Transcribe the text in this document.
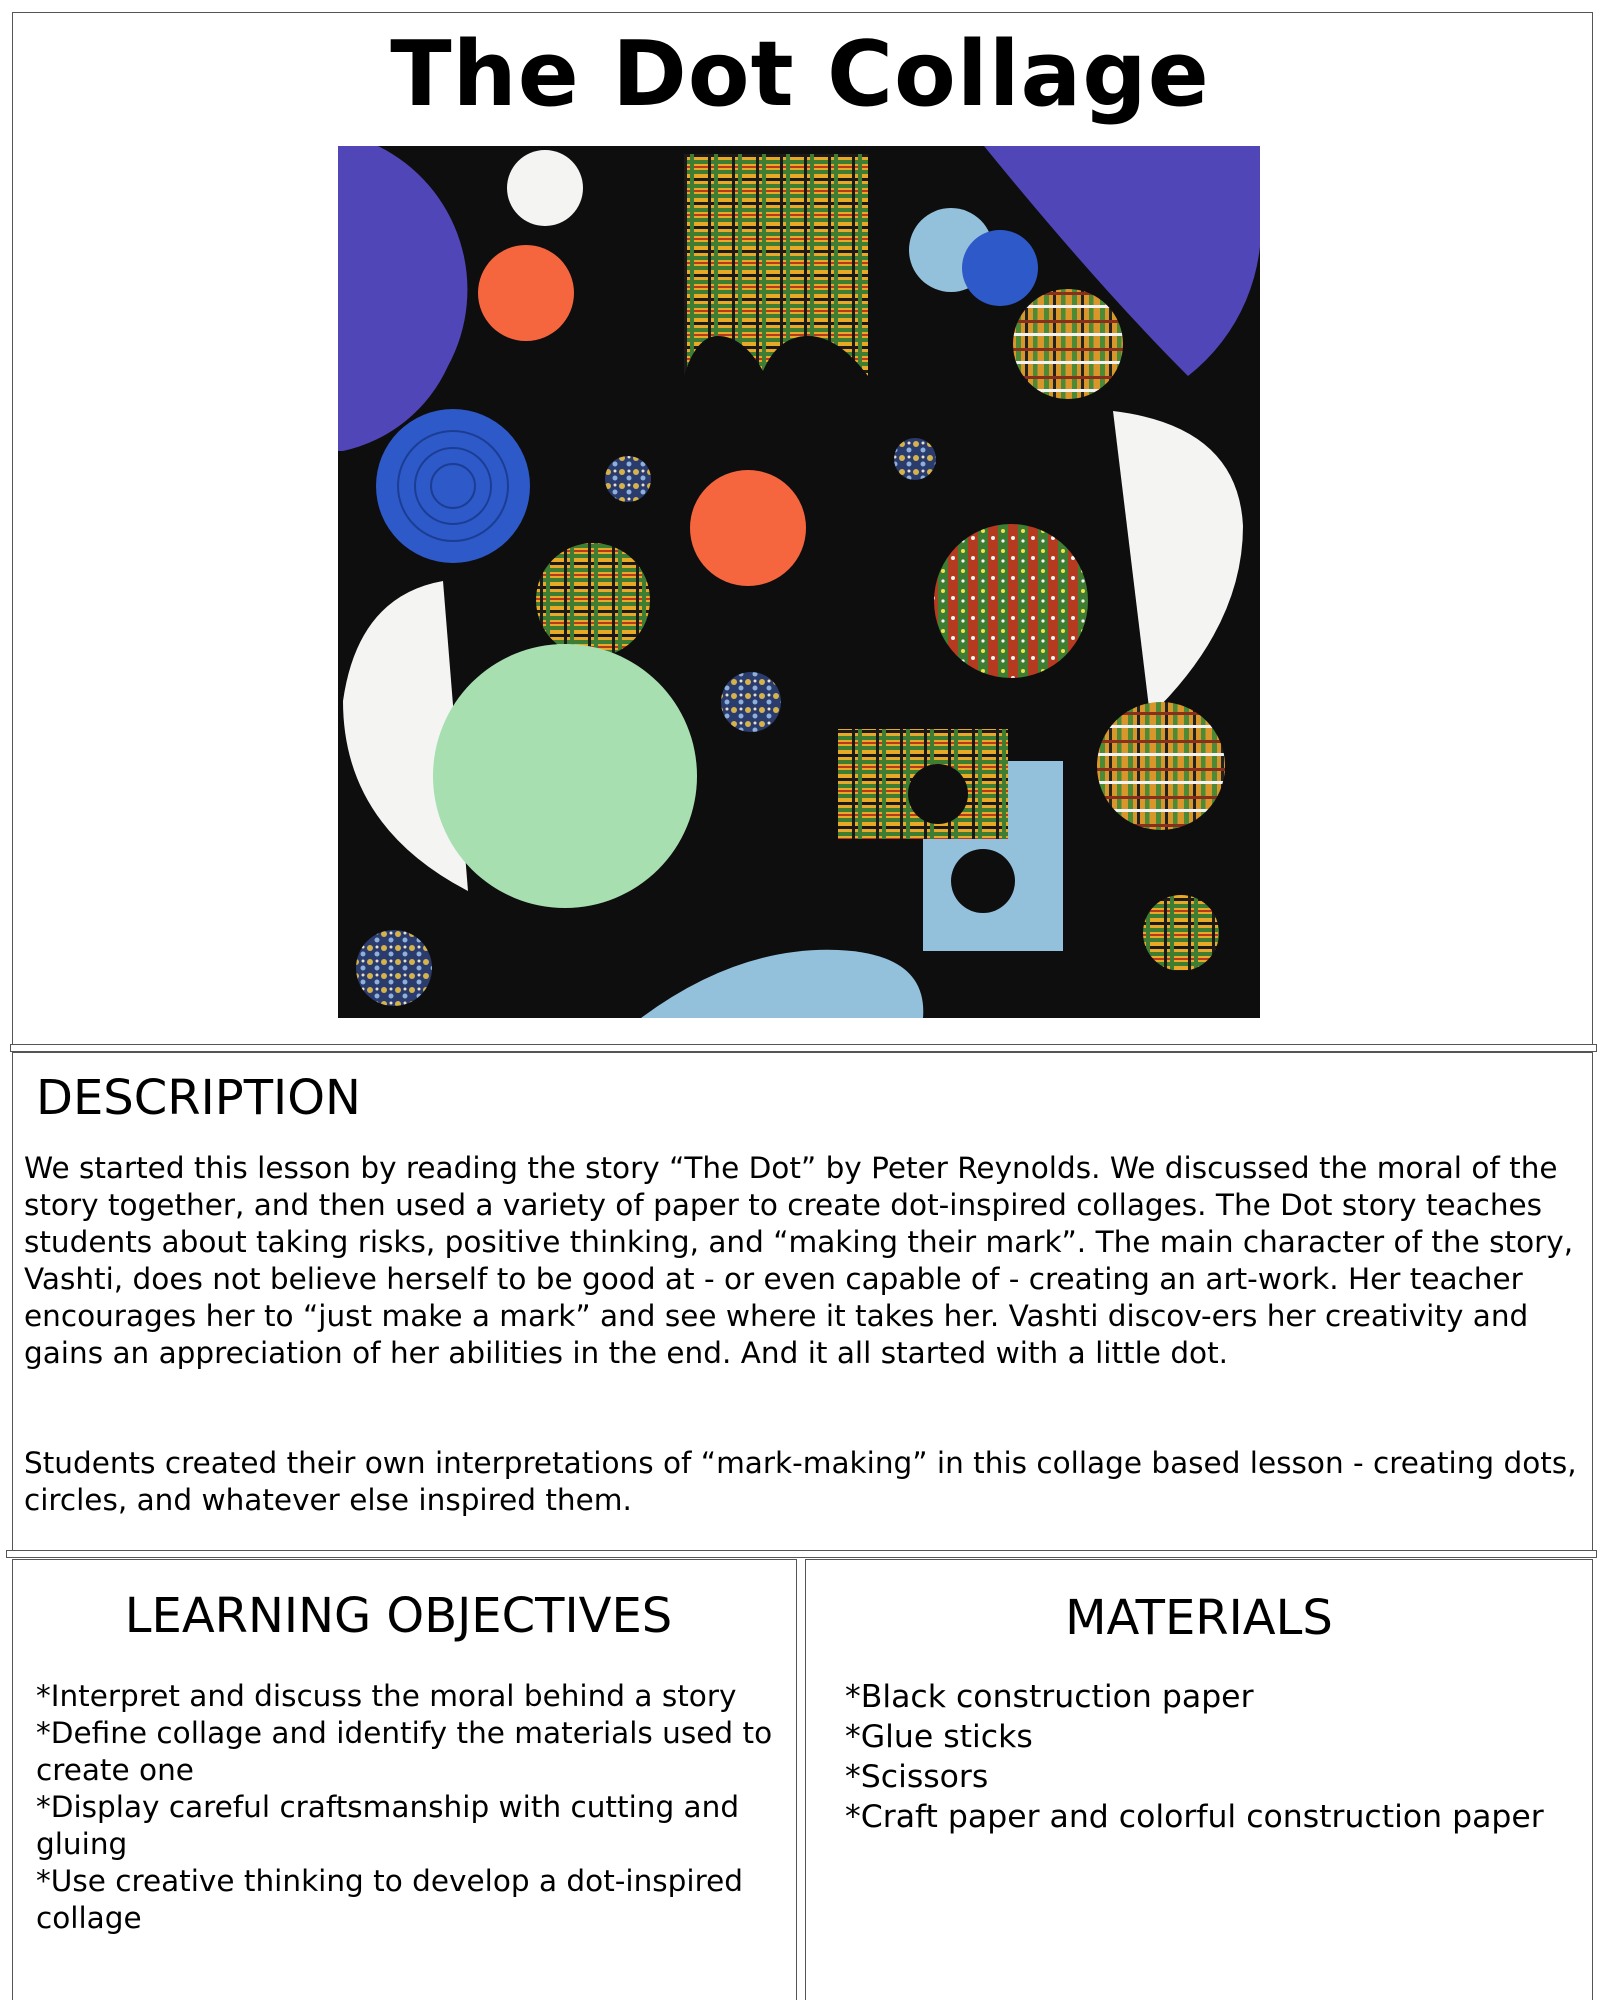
The Dot Collage
DESCRIPTION

We started this lesson by reading the story “The Dot” by Peter Reynolds. We discussed the moral of the story together, and then used a variety of paper to create dot-inspired collages. The Dot story teaches students about taking risks, positive thinking, and “making their mark”. The main character of the story, Vashti, does not believe herself to be good at - or even capable of - creating an art-work. Her teacher encourages her to “just make a mark” and see where it takes her. Vashti discov-ers her creativity and gains an appreciation of her abilities in the end. And it all started with a little dot.

Students created their own interpretations of “mark-making” in this collage based lesson - creating dots, circles, and whatever else inspired them.

LEARNING OBJECTIVES
*Interpret and discuss the moral behind a story
*Define collage and identify the materials used to create one
*Display careful craftsmanship with cutting and gluing
*Use creative thinking to develop a dot-inspired collage
MATERIALS
*Black construction paper
*Glue sticks
*Scissors
*Craft paper and colorful construction paper
